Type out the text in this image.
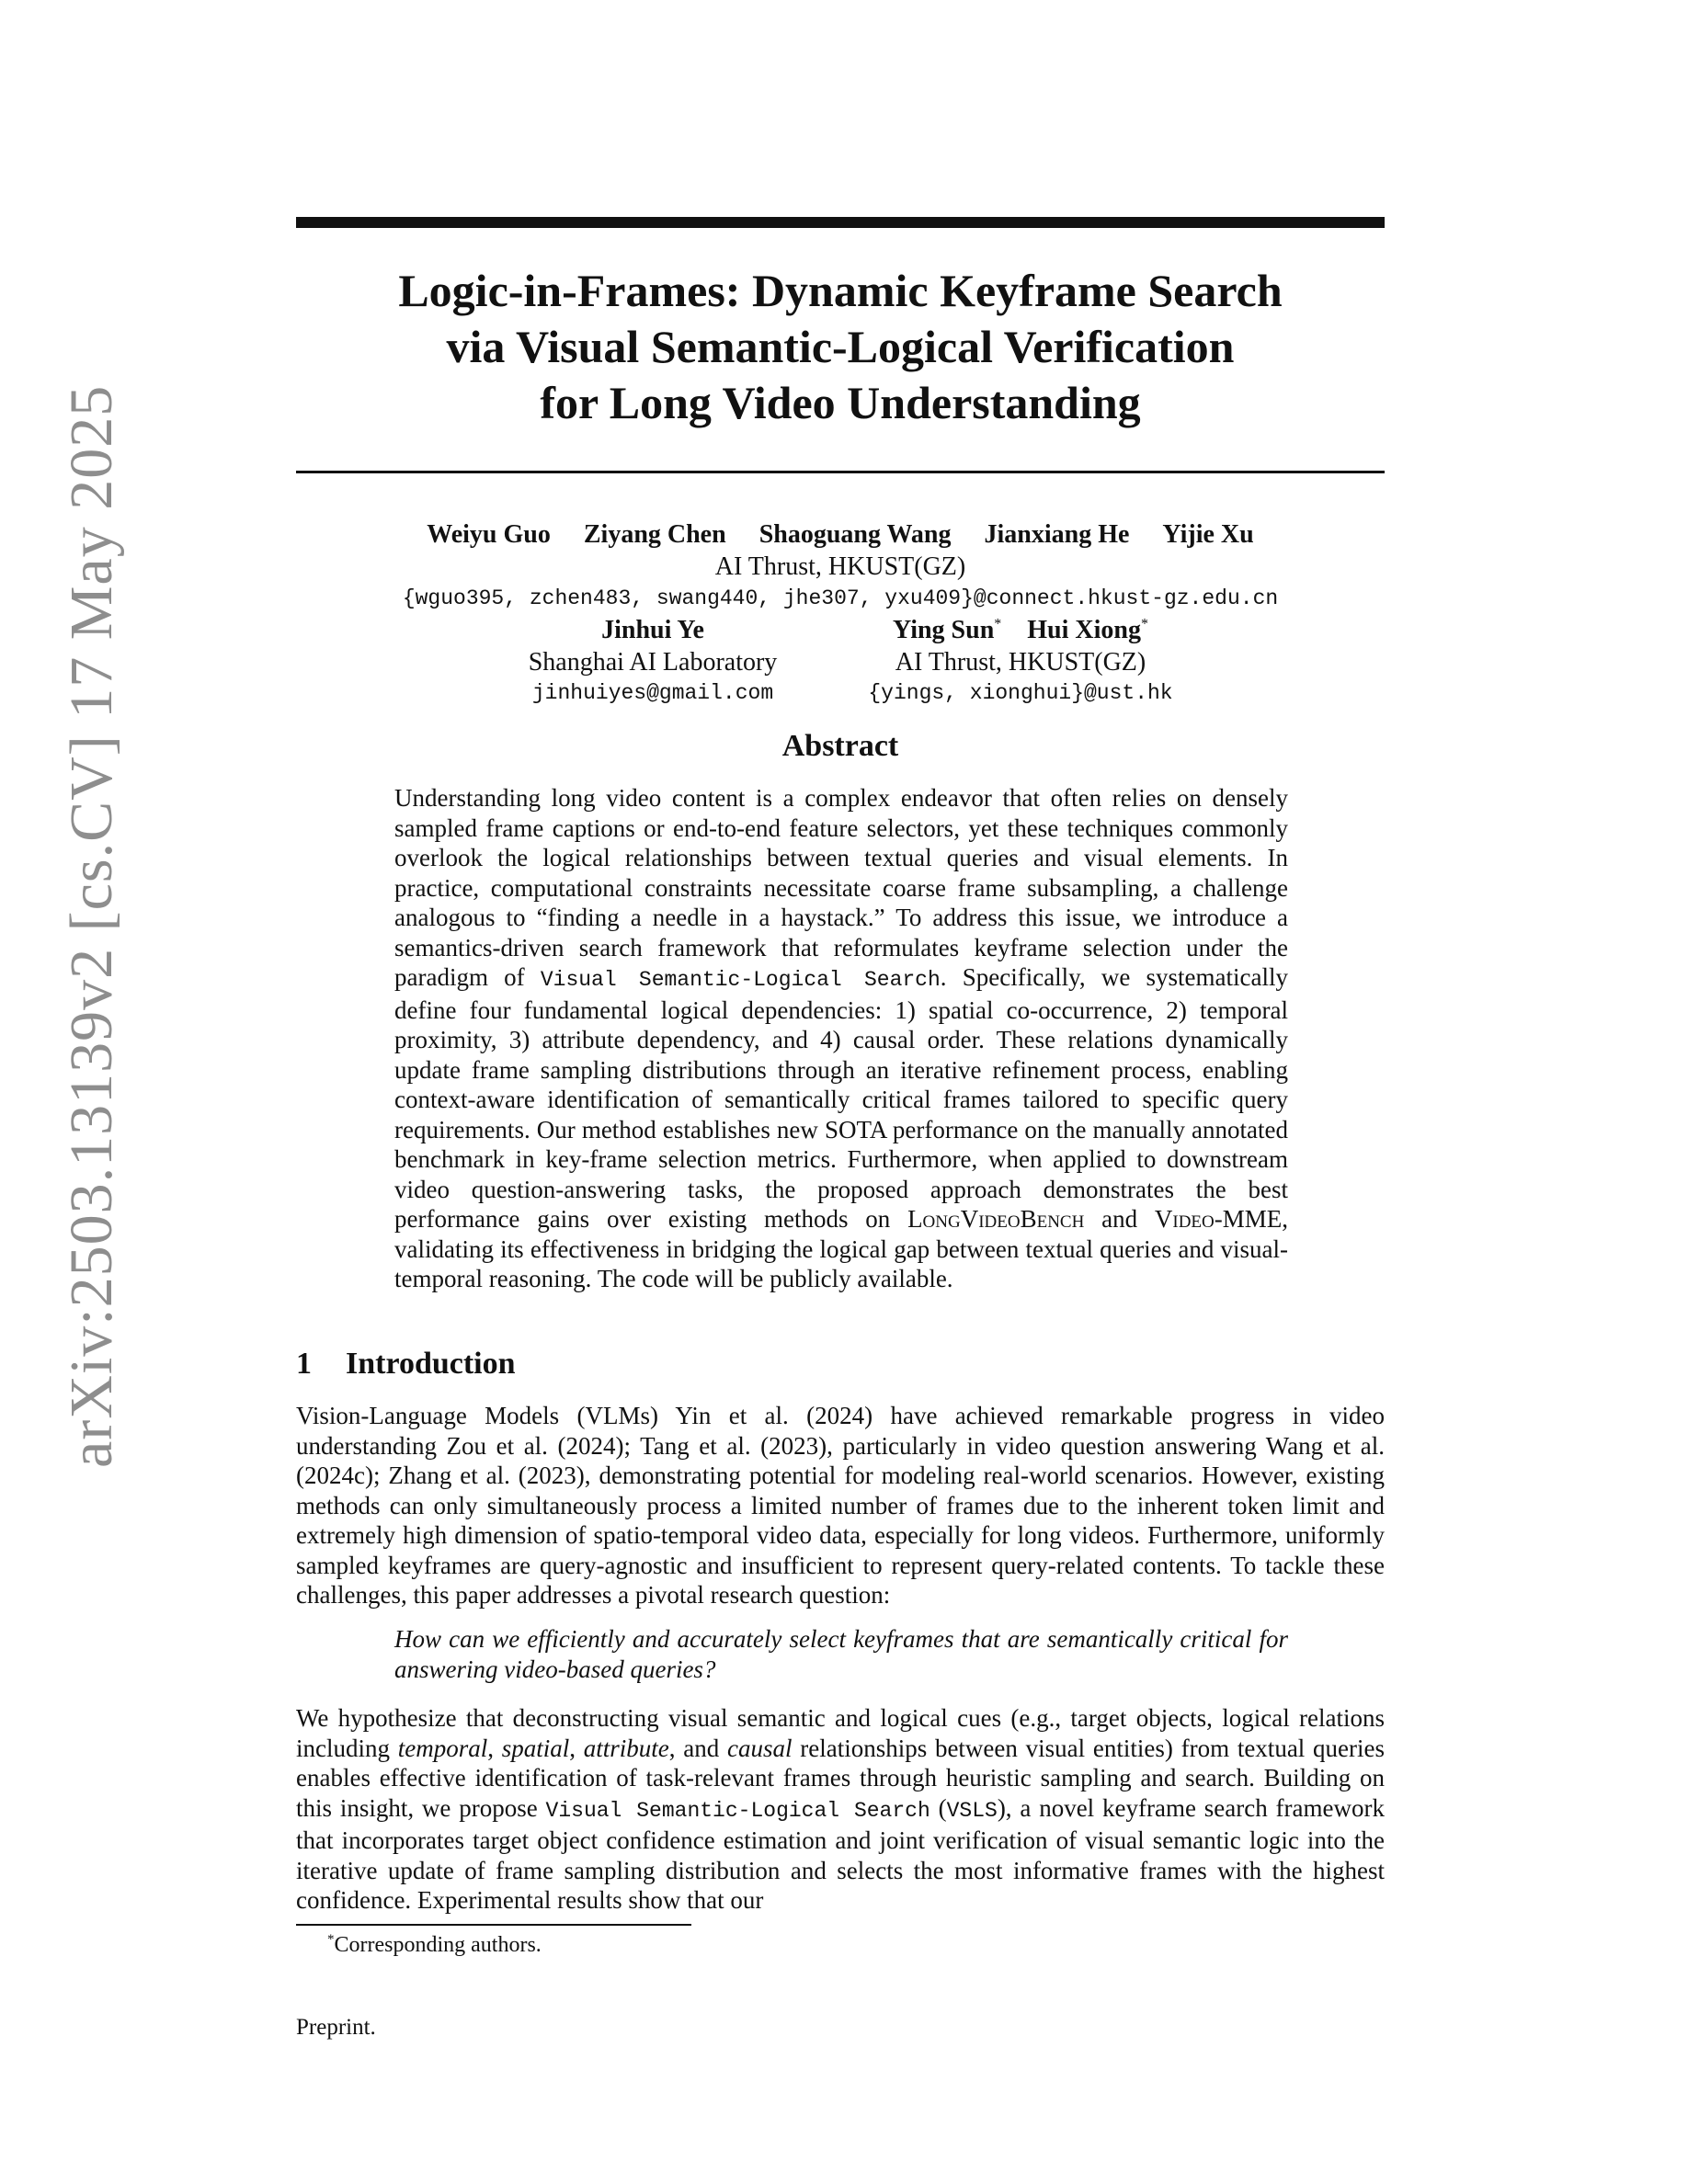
arXiv:2503.13139v2 [cs.CV] 17 May 2025
Logic-in-Frames: Dynamic Keyframe Search
via Visual Semantic-Logical Verification
for Long Video Understanding
Weiyu Guo Ziyang Chen Shaoguang Wang Jianxiang He Yijie Xu
AI Thrust, HKUST(GZ)
{wguo395, zchen483, swang440, jhe307, yxu409}@connect.hkust-gz.edu.cn
Jinhui Ye
Shanghai AI Laboratory
jinhuiyes@gmail.com
Ying Sun* Hui Xiong*
AI Thrust, HKUST(GZ)
{yings, xionghui}@ust.hk
Abstract

Understanding long video content is a complex endeavor that often relies on densely sampled frame captions or end-to-end feature selectors, yet these techniques commonly overlook the logical relationships between textual queries and visual elements. In practice, computational constraints necessitate coarse frame subsampling, a challenge analogous to “finding a needle in a haystack.” To address this issue, we introduce a semantics-driven search framework that reformulates keyframe selection under the paradigm of Visual Semantic-Logical Search. Specifically, we systematically define four fundamental logical dependencies: 1) spatial co-occurrence, 2) temporal proximity, 3) attribute dependency, and 4) causal order. These relations dynamically update frame sampling distributions through an iterative refinement process, enabling context-aware identification of semantically critical frames tailored to specific query requirements. Our method establishes new SOTA performance on the manually annotated benchmark in key-frame selection metrics. Furthermore, when applied to downstream video question-answering tasks, the proposed approach demonstrates the best performance gains over existing methods on LongVideoBench and Video-MME, validating its effectiveness in bridging the logical gap between textual queries and visual-temporal reasoning. The code will be publicly available.

1 Introduction

Vision-Language Models (VLMs) Yin et al. (2024) have achieved remarkable progress in video understanding Zou et al. (2024); Tang et al. (2023), particularly in video question answering Wang et al. (2024c); Zhang et al. (2023), demonstrating potential for modeling real-world scenarios. However, existing methods can only simultaneously process a limited number of frames due to the inherent token limit and extremely high dimension of spatio-temporal video data, especially for long videos. Furthermore, uniformly sampled keyframes are query-agnostic and insufficient to represent query-related contents. To tackle these challenges, this paper addresses a pivotal research question:

How can we efficiently and accurately select keyframes that are semantically critical for answering video-based queries?

We hypothesize that deconstructing visual semantic and logical cues (e.g., target objects, logical relations including temporal, spatial, attribute, and causal relationships between visual entities) from textual queries enables effective identification of task-relevant frames through heuristic sampling and search. Building on this insight, we propose Visual Semantic-Logical Search (VSLS), a novel keyframe search framework that incorporates target object confidence estimation and joint verification of visual semantic logic into the iterative update of frame sampling distribution and selects the most informative frames with the highest confidence. Experimental results show that our

*Corresponding authors.
Preprint.
